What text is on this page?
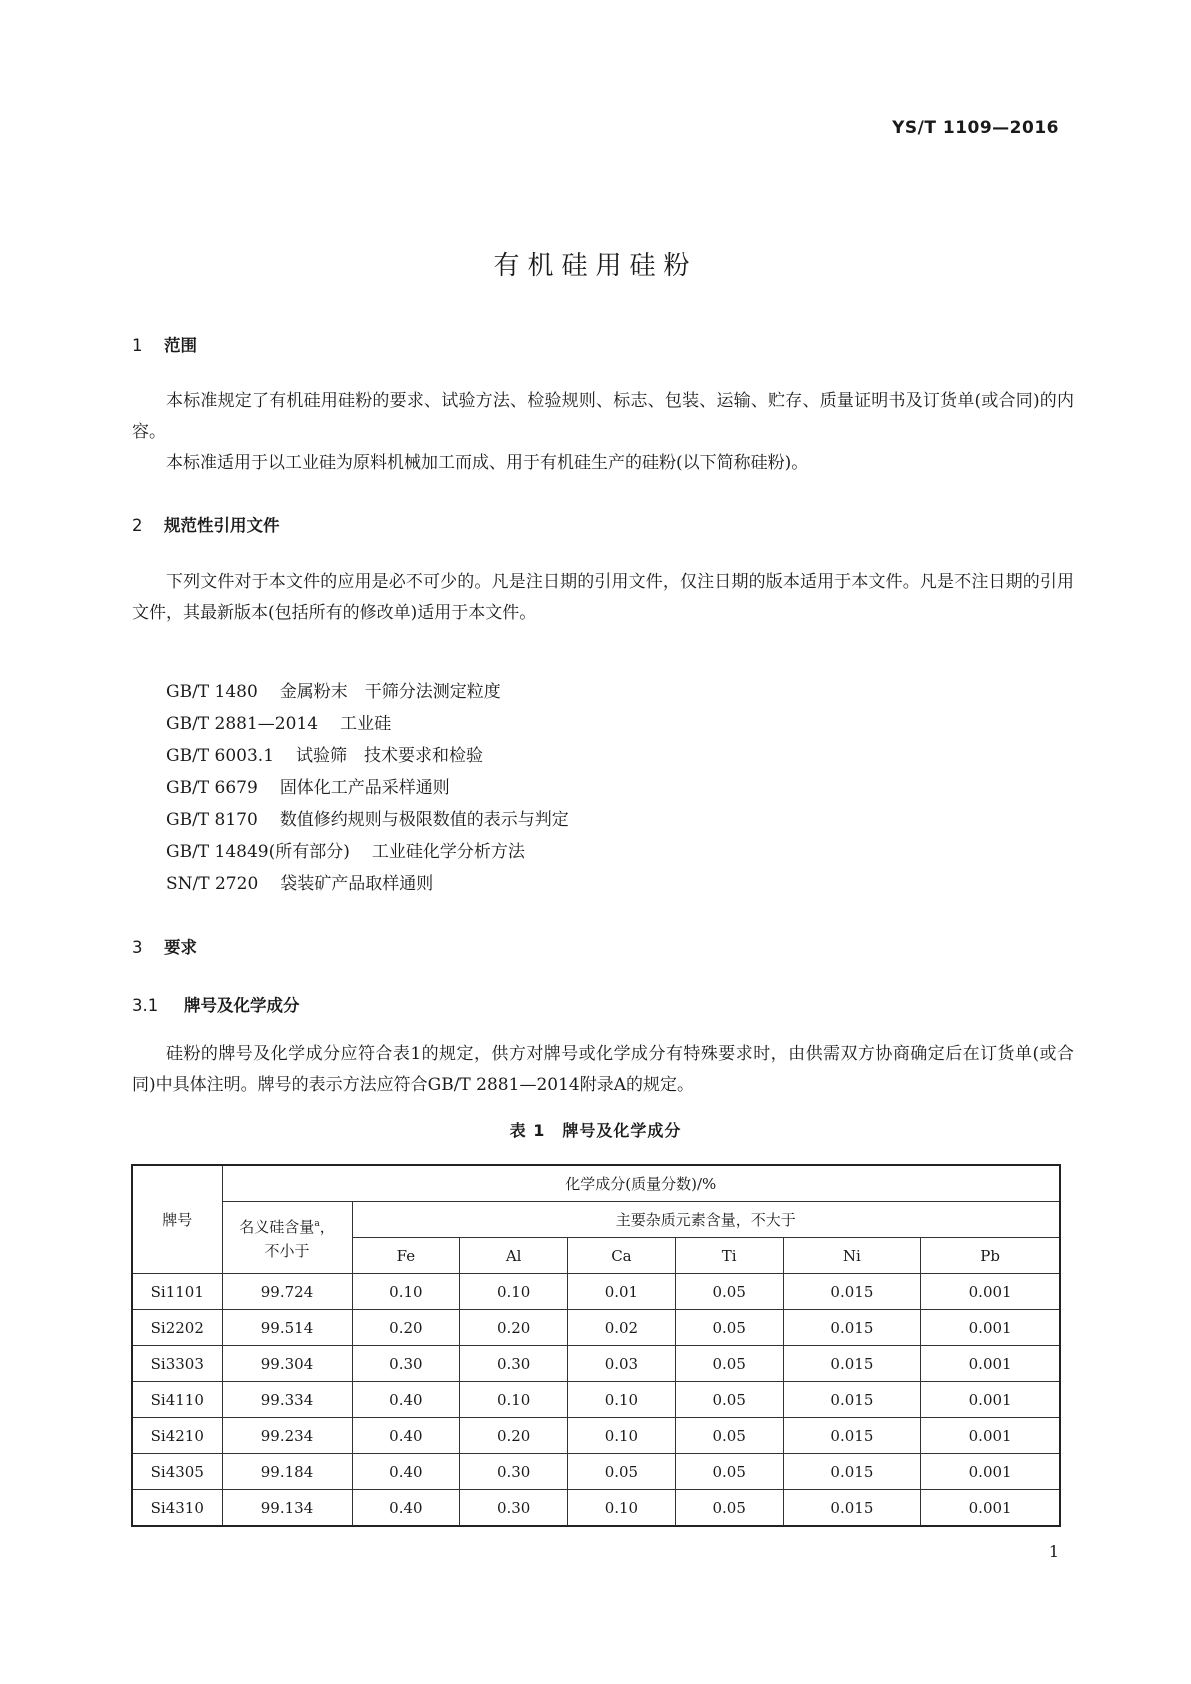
YS/T 1109—2016
有机硅用硅粉
1 范围

本标准规定了有机硅用硅粉的要求、试验方法、检验规则、标志、包装、运输、贮存、质量证明书及订货单(或合同)的内容。

本标准适用于以工业硅为原料机械加工而成、用于有机硅生产的硅粉(以下简称硅粉)。

2 规范性引用文件

下列文件对于本文件的应用是必不可少的。凡是注日期的引用文件，仅注日期的版本适用于本文件。凡是不注日期的引用文件，其最新版本(包括所有的修改单)适用于本文件。

GB/T 1480 金属粉末　干筛分法测定粒度
GB/T 2881—2014 工业硅
GB/T 6003.1 试验筛　技术要求和检验
GB/T 6679 固体化工产品采样通则
GB/T 8170 数值修约规则与极限数值的表示与判定
GB/T 14849(所有部分) 工业硅化学分析方法
SN/T 2720 袋装矿产品取样通则
3 要求
3.1 牌号及化学成分

硅粉的牌号及化学成分应符合表1的规定，供方对牌号或化学成分有特殊要求时，由供需双方协商确定后在订货单(或合同)中具体注明。牌号的表示方法应符合GB/T 2881—2014附录A的规定。

表 1　牌号及化学成分
牌号	化学成分(质量分数)/%						
	名义硅含量$^a$，
不小于	主要杂质元素含量，不大于					
		Fe	Al	Ca	Ti	Ni	Pb
Si1101	99.724	0.10	0.10	0.01	0.05	0.015	0.001
Si2202	99.514	0.20	0.20	0.02	0.05	0.015	0.001
Si3303	99.304	0.30	0.30	0.03	0.05	0.015	0.001
Si4110	99.334	0.40	0.10	0.10	0.05	0.015	0.001
Si4210	99.234	0.40	0.20	0.10	0.05	0.015	0.001
Si4305	99.184	0.40	0.30	0.05	0.05	0.015	0.001
Si4310	99.134	0.40	0.30	0.10	0.05	0.015	0.001
1
